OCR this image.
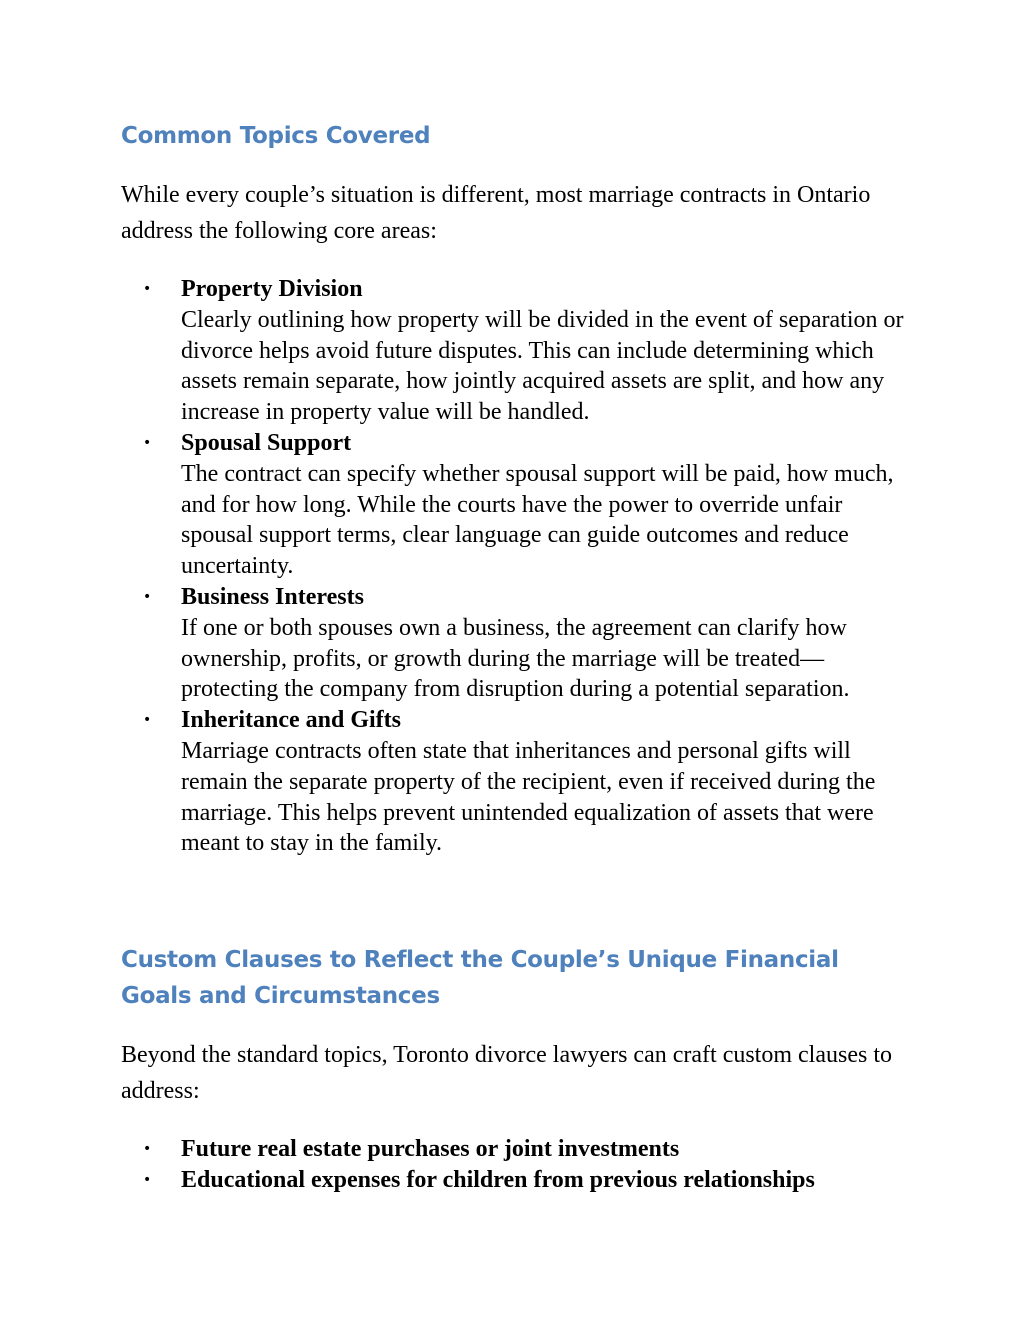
Common Topics Covered

While every couple’s situation is different, most marriage contracts in Ontario address the following core areas:

• Property Division
Clearly outlining how property will be divided in the event of separation or divorce helps avoid future disputes. This can include determining which assets remain separate, how jointly acquired assets are split, and how any increase in property value will be handled.
• Spousal Support
The contract can specify whether spousal support will be paid, how much, and for how long. While the courts have the power to override unfair spousal support terms, clear language can guide outcomes and reduce uncertainty.
• Business Interests
If one or both spouses own a business, the agreement can clarify how ownership, profits, or growth during the marriage will be treated—protecting the company from disruption during a potential separation.
• Inheritance and Gifts
Marriage contracts often state that inheritances and personal gifts will remain the separate property of the recipient, even if received during the marriage. This helps prevent unintended equalization of assets that were meant to stay in the family.
Custom Clauses to Reflect the Couple’s Unique Financial Goals and Circumstances

Beyond the standard topics, Toronto divorce lawyers can craft custom clauses to address:

• Future real estate purchases or joint investments
• Educational expenses for children from previous relationships
